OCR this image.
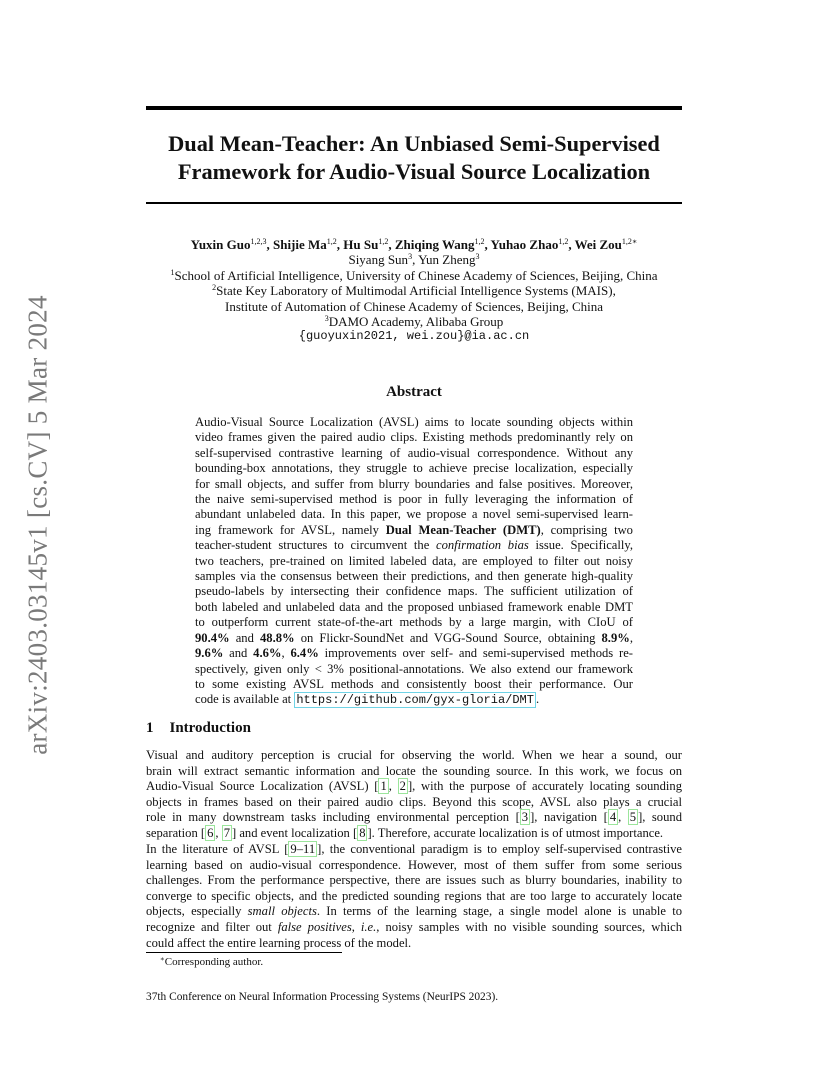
arXiv:2403.03145v1 [cs.CV] 5 Mar 2024
Dual Mean-Teacher: An Unbiased Semi-Supervised
Framework for Audio-Visual Source Localization
Yuxin Guo$^{1,2,3}$, Shijie Ma$^{1,2}$, Hu Su$^{1,2}$, Zhiqing Wang$^{1,2}$, Yuhao Zhao$^{1,2}$, Wei Zou$^{1,2∗}$
Siyang Sun$^3$, Yun Zheng$^3$
$^1$School of Artificial Intelligence, University of Chinese Academy of Sciences, Beijing, China
$^2$State Key Laboratory of Multimodal Artificial Intelligence Systems (MAIS),
Institute of Automation of Chinese Academy of Sciences, Beijing, China
$^3$DAMO Academy, Alibaba Group
{guoyuxin2021, wei.zou}@ia.ac.cn
Abstract
Audio-Visual Source Localization (AVSL) aims to locate sounding objects within
video frames given the paired audio clips. Existing methods predominantly rely on
self-supervised contrastive learning of audio-visual correspondence. Without any
bounding-box annotations, they struggle to achieve precise localization, especially
for small objects, and suffer from blurry boundaries and false positives. Moreover,
the naive semi-supervised method is poor in fully leveraging the information of
abundant unlabeled data. In this paper, we propose a novel semi-supervised learn-
ing framework for AVSL, namely Dual Mean-Teacher (DMT), comprising two
teacher-student structures to circumvent the confirmation bias issue. Specifically,
two teachers, pre-trained on limited labeled data, are employed to filter out noisy
samples via the consensus between their predictions, and then generate high-quality
pseudo-labels by intersecting their confidence maps. The sufficient utilization of
both labeled and unlabeled data and the proposed unbiased framework enable DMT
to outperform current state-of-the-art methods by a large margin, with CIoU of
90.4% and 48.8% on Flickr-SoundNet and VGG-Sound Source, obtaining 8.9%,
9.6% and 4.6%, 6.4% improvements over self- and semi-supervised methods re-
spectively, given only < 3% positional-annotations. We also extend our framework
to some existing AVSL methods and consistently boost their performance. Our
code is available at https://github.com/gyx-gloria/DMT .
1 Introduction
Visual and auditory perception is crucial for observing the world. When we hear a sound, our
brain will extract semantic information and locate the sounding source. In this work, we focus on
Audio-Visual Source Localization (AVSL) [ 1 , 2 ], with the purpose of accurately locating sounding
objects in frames based on their paired audio clips. Beyond this scope, AVSL also plays a crucial
role in many downstream tasks including environmental perception [ 3 ], navigation [ 4 , 5 ], sound
separation [ 6 , 7 ] and event localization [ 8 ]. Therefore, accurate localization is of utmost importance.
In the literature of AVSL [ 9–11 ], the conventional paradigm is to employ self-supervised contrastive
learning based on audio-visual correspondence. However, most of them suffer from some serious
challenges. From the performance perspective, there are issues such as blurry boundaries, inability to
converge to specific objects, and the predicted sounding regions that are too large to accurately locate
objects, especially small objects. In terms of the learning stage, a single model alone is unable to
recognize and filter out false positives, i.e., noisy samples with no visible sounding sources, which
could affect the entire learning process of the model.
∗Corresponding author.
37th Conference on Neural Information Processing Systems (NeurIPS 2023).
